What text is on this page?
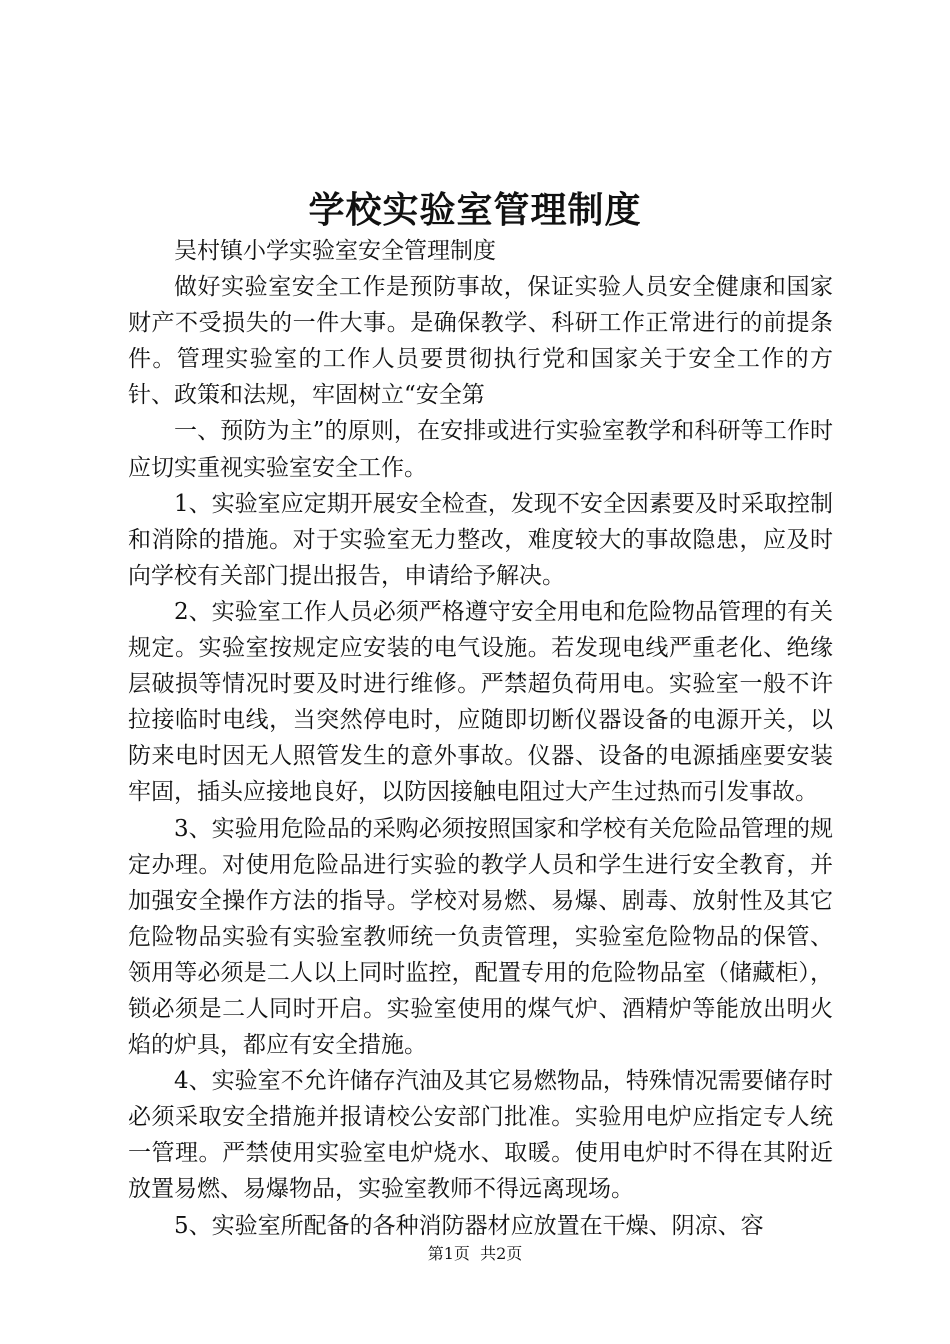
学校实验室管理制度

吴村镇小学实验室安全管理制度

做好实验室安全工作是预防事故，保证实验人员安全健康和国家财产不受损失的一件大事。是确保教学、科研工作正常进行的前提条件。管理实验室的工作人员要贯彻执行党和国家关于安全工作的方针、政策和法规，牢固树立“安全第

一、预防为主”的原则，在安排或进行实验室教学和科研等工作时应切实重视实验室安全工作。

1、实验室应定期开展安全检查，发现不安全因素要及时采取控制和消除的措施。对于实验室无力整改，难度较大的事故隐患，应及时向学校有关部门提出报告，申请给予解决。

2、实验室工作人员必须严格遵守安全用电和危险物品管理的有关规定。实验室按规定应安装的电气设施。若发现电线严重老化、绝缘层破损等情况时要及时进行维修。严禁超负荷用电。实验室一般不许拉接临时电线，当突然停电时，应随即切断仪器设备的电源开关，以防来电时因无人照管发生的意外事故。仪器、设备的电源插座要安装牢固，插头应接地良好，以防因接触电阻过大产生过热而引发事故。

3、实验用危险品的采购必须按照国家和学校有关危险品管理的规定办理。对使用危险品进行实验的教学人员和学生进行安全教育，并加强安全操作方法的指导。学校对易燃、易爆、剧毒、放射性及其它危险物品实验有实验室教师统一负责管理，实验室危险物品的保管、领用等必须是二人以上同时监控，配置专用的危险物品室（储藏柜），锁必须是二人同时开启。实验室使用的煤气炉、酒精炉等能放出明火焰的炉具，都应有安全措施。

4、实验室不允许储存汽油及其它易燃物品，特殊情况需要储存时必须采取安全措施并报请校公安部门批准。实验用电炉应指定专人统一管理。严禁使用实验室电炉烧水、取暖。使用电炉时不得在其附近放置易燃、易爆物品，实验室教师不得远离现场。

5、实验室所配备的各种消防器材应放置在干燥、阴凉、容

第1页  共2页
